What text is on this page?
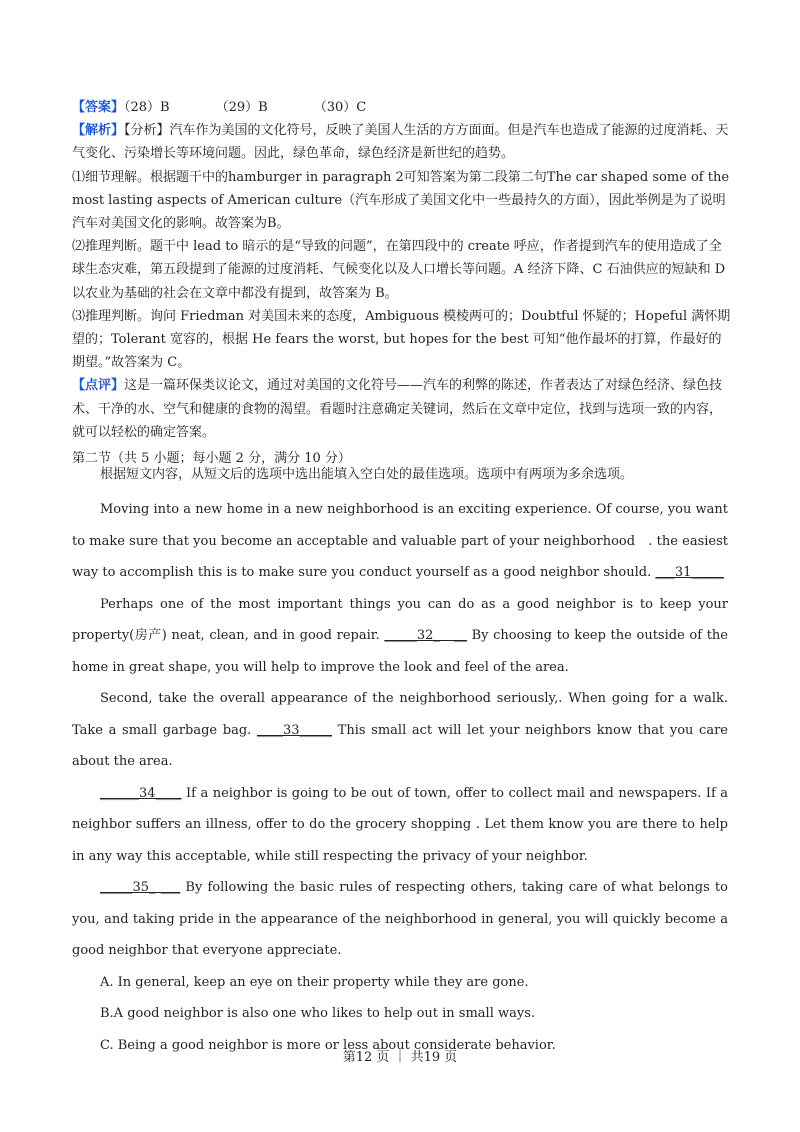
【答案】（28）B	（29）B	（30）C

【解析】【分析】汽车作为美国的文化符号，反映了美国人生活的方方面面。但是汽车也造成了能源的过度消耗、天气变化、污染增长等环境问题。因此，绿色革命，绿色经济是新世纪的趋势。

⑴细节理解。根据题干中的hamburger in paragraph 2可知答案为第二段第二句The car shaped some of the most lasting aspects of American culture（汽车形成了美国文化中一些最持久的方面），因此举例是为了说明 汽车对美国文化的影响。故答案为B。

⑵推理判断。题干中 lead to 暗示的是“导致的问题”，在第四段中的 create 呼应，作者提到汽车的使用造成了全球生态灾难，第五段提到了能源的过度消耗、气候变化以及人口增长等问题。A 经济下降、C 石油供应的短缺和 D 以农业为基础的社会在文章中都没有提到，故答案为 B。

⑶推理判断。询问 Friedman 对美国未来的态度，Ambiguous 模棱两可的；Doubtful 怀疑的；Hopeful 满怀期望的；Tolerant 宽容的，根据 He fears the worst, but hopes for the best 可知“他作最坏的打算，作最好的期望。”故答案为 C。

【点评】这是一篇环保类议论文，通过对美国的文化符号——汽车的利弊的陈述，作者表达了对绿色经济、绿色技术、干净的水、空气和健康的食物的渴望。看题时注意确定关键词，然后在文章中定位，找到与选项一致的内容，就可以轻松的确定答案。

第二节（共 5 小题；每小题 2 分，满分 10 分）

根据短文内容，从短文后的选项中选出能填入空白处的最佳选项。选项中有两项为多余选项。

Moving into a new home in a new neighborhood is an exciting experience. Of course, you want to make sure that you become an acceptable and valuable part of your neighborhood　. the easiest way to accomplish this is to make sure you conduct yourself as a good neighbor should. ___31_____

Perhaps one of the most important things you can do as a good neighbor is to keep your property(房产) neat, clean, and in good repair. _____32_　__ By choosing to keep the outside of the home in great shape, you will help to improve the look and feel of the area.

Second, take the overall appearance of the neighborhood seriously,. When going for a walk. Take a small garbage bag. ____33_____ This small act will let your neighbors know that you care about the area.

______34____ If a neighbor is going to be out of town, offer to collect mail and newspapers. If a neighbor suffers an illness, offer to do the grocery shopping . Let them know you are there to help in any way this acceptable, while still respecting the privacy of your neighbor.

_____35_ ___ By following the basic rules of respecting others, taking care of what belongs to you, and taking pride in the appearance of the neighborhood in general, you will quickly become a good neighbor that everyone appreciate.

A. In general, keep an eye on their property while they are gone.

B.A good neighbor is also one who likes to help out in small ways.

C. Being a good neighbor is more or less about considerate behavior.

第12 页 ｜ 共19 页
